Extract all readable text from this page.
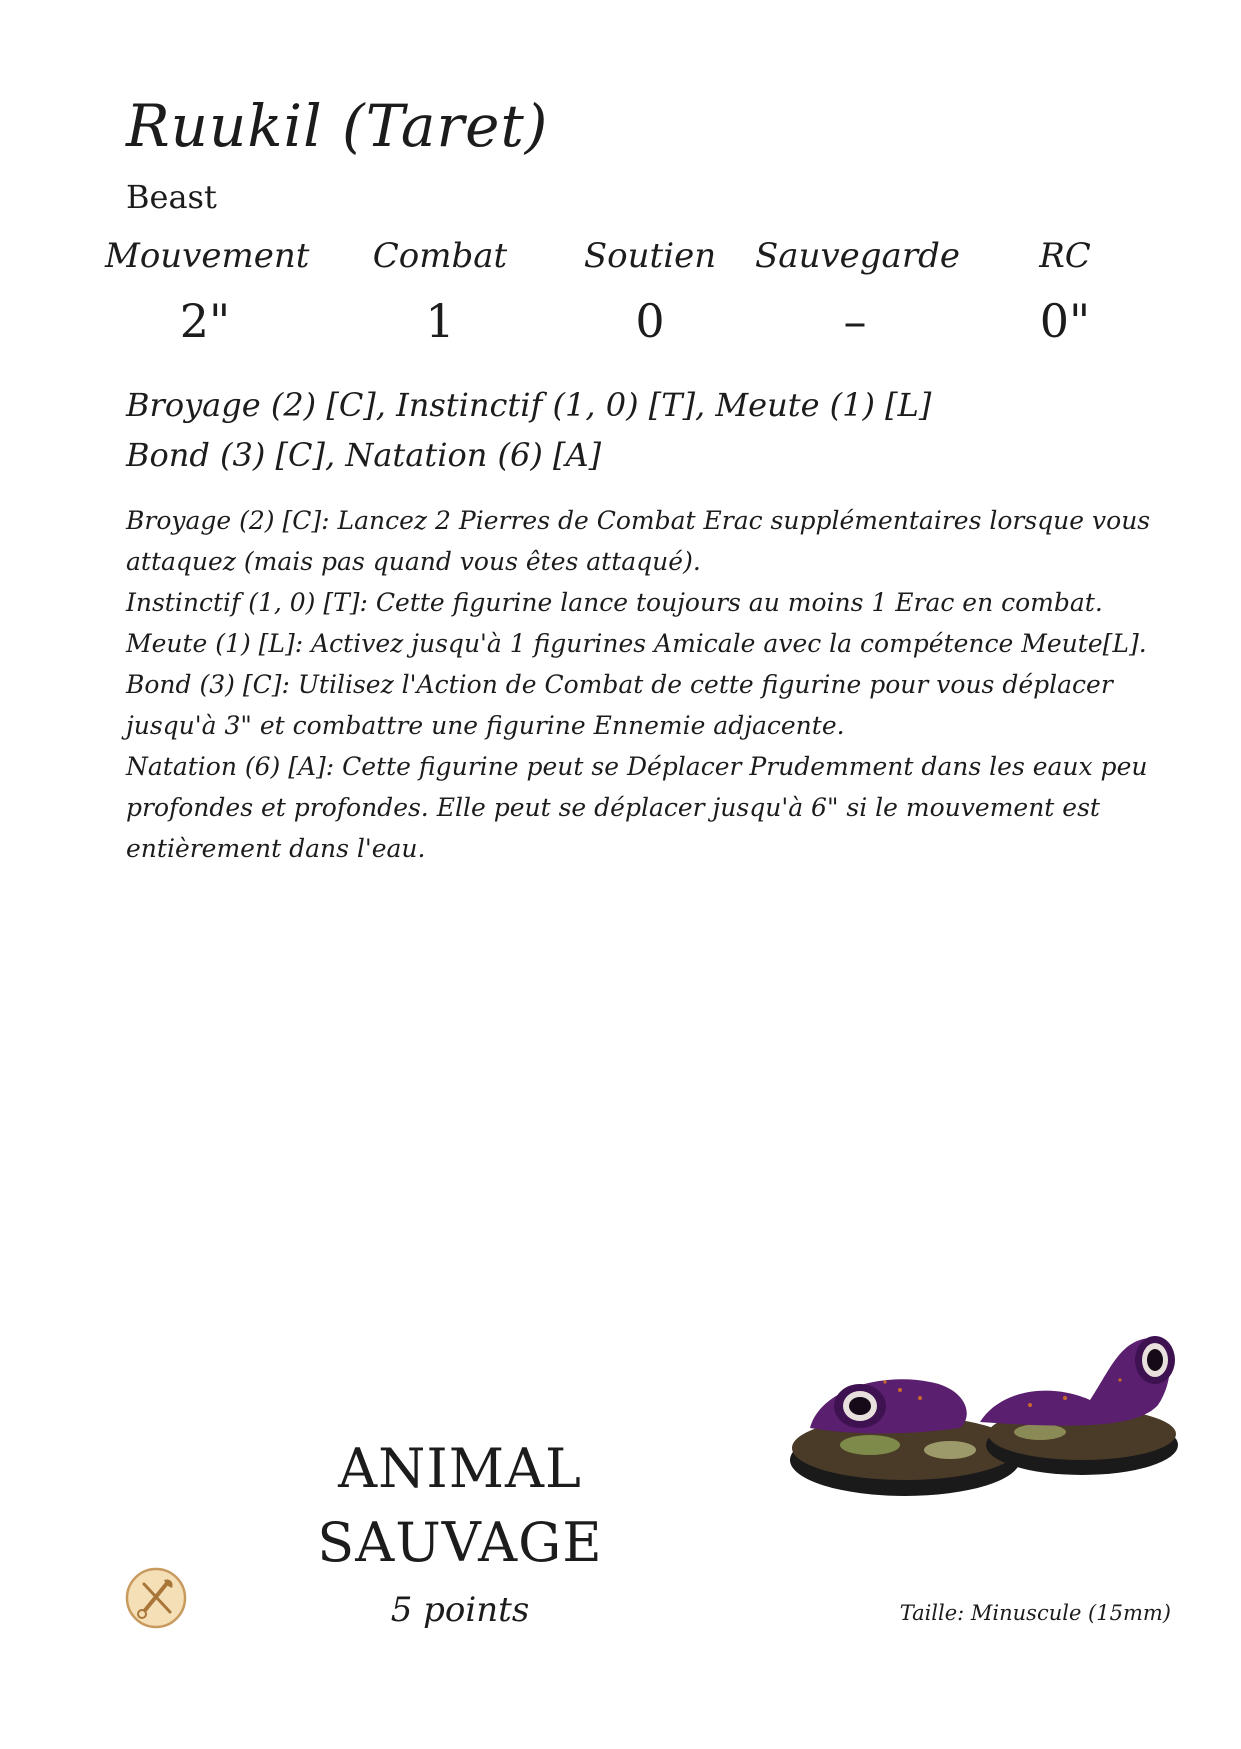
Ruukil (Taret)
Beast
Mouvement
2"
Combat
1
Soutien
0
Sauvegarde
–
RC
0"
Broyage (2) [C], Instinctif (1, 0) [T], Meute (1) [L]
Bond (3) [C], Natation (6) [A]
Broyage (2) [C]: Lancez 2 Pierres de Combat Erac supplémentaires lorsque vous
attaquez (mais pas quand vous êtes attaqué).
Instinctif (1, 0) [T]: Cette figurine lance toujours au moins 1 Erac en combat.
Meute (1) [L]: Activez jusqu'à 1 figurines Amicale avec la compétence Meute[L].
Bond (3) [C]: Utilisez l'Action de Combat de cette figurine pour vous déplacer
jusqu'à 3" et combattre une figurine Ennemie adjacente.
Natation (6) [A]: Cette figurine peut se Déplacer Prudemment dans les eaux peu
profondes et profondes. Elle peut se déplacer jusqu'à 6" si le mouvement est
entièrement dans l'eau.
ANIMAL
SAUVAGE
5 points	Taille: Minuscule (15mm)
